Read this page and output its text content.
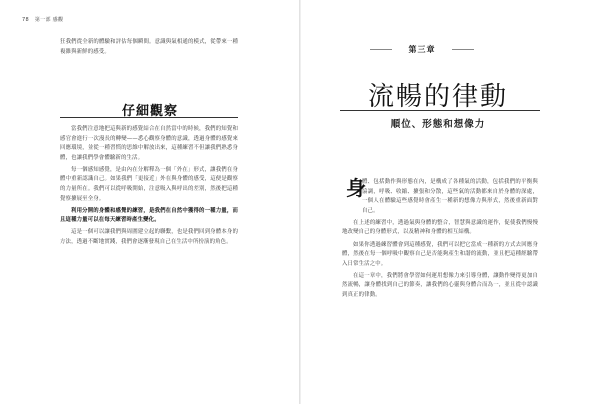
78 第一部 感觀

狂我們從全新的體驗和評估每個瞬間。意識與氣相通的模式，從帶來一種複雜與新鮮的感受。

仔細觀察

當我們注意地把這與新的感覺結合在自然當中的時候，我們的知覺和感官會進行一次漫長的轉變——悉心觀察身體的意識，透過身體的感覺來回應環境，並從一種習慣的思維中解放出來，這種練習不但讓我們熟悉身體，也讓我們學會體驗新的生活。

每一個感知感覺，是由內在分解釋為一個「外在」形式，讓我們在身體中重新認識自己。如果我們「更接近」外在與身體的感受，這便是觀察的力量所在。我們可以從呼吸開始，注意吸入與呼出的差別，然後把這種覺察擴展至全身。

利用分開的身體和感覺的練習，是我們在自然中獲得的一種力量，而且這種力量可以在每天練習時產生變化。

這是一個可以讓我們與周圍建立起的聯繫，也是我們回到身體本身的方法，透過不斷地實踐，我們會逐漸發現自己在生活中所扮演的角色。

第三章
流暢的律動
順位、形態和想像力
身

體、包括動作與形態在內，是構成了各種氣的活動，包括我們的平衡與協調，呼吸、收縮、擴張和分散，這些氣的活動都來自於身體的深處，一個人在體驗這些感覺時會產生一種新的想像力與形式，然後重新面對自己。

在上述的練習中，透過氣與身體的整合，智慧與意識的運作，促使我們慢慢地改變自己的身體形式，以及精神和身體的相互結構。

如果你透過練習體會到這種感覺，我們可以把它當成一種新的方式去回應身體，然後在每一個呼吸中觀察自己是否能夠產生和諧的流動，並且把這種經驗帶入日常生活之中。

在這一章中，我們將會學習如何運用想像力來引導身體，讓動作變得更加自然流暢，讓身體找到自己的節奏，讓我們的心靈與身體合而為一，並且從中認識到真正的律動。
